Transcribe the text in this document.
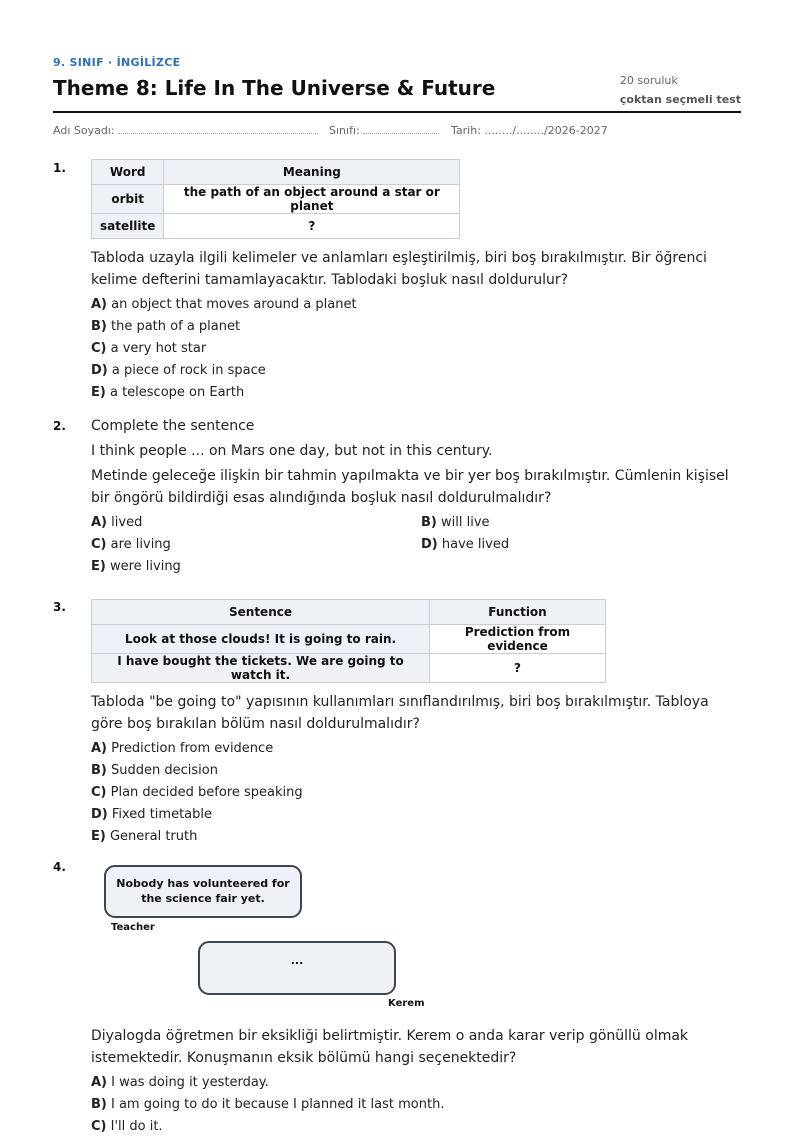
9. SINIF · İNGİLİZCE
Theme 8: Life In The Universe & Future	20 soruluk
çoktan seçmeli test
Adı Soyadı:	Sınıfı:	Tarih: ......../......../2026-2027
1.	Word	Meaning
orbit	the path of an object around a star or planet
satellite	?
Tabloda uzayla ilgili kelimeler ve anlamları eşleştirilmiş, biri boş bırakılmıştır. Bir öğrenci kelime defterini tamamlayacaktır. Tablodaki boşluk nasıl doldurulur?
A) an object that moves around a planet
B) the path of a planet
C) a very hot star
D) a piece of rock in space
E) a telescope on Earth
2. Complete the sentence
I think people ... on Mars one day, but not in this century.
Metinde geleceğe ilişkin bir tahmin yapılmakta ve bir yer boş bırakılmıştır. Cümlenin kişisel bir öngörü bildirdiği esas alındığında boşluk nasıl doldurulmalıdır?
A) lived	B) will live
C) are living	D) have lived
E) were living
3.	Sentence	Function
Look at those clouds! It is going to rain.	Prediction from evidence
I have bought the tickets. We are going to watch it.	?
Tabloda "be going to" yapısının kullanımları sınıflandırılmış, biri boş bırakılmıştır. Tabloya göre boş bırakılan bölüm nasıl doldurulmalıdır?
A) Prediction from evidence
B) Sudden decision
C) Plan decided before speaking
D) Fixed timetable
E) General truth
4.
Nobody has volunteered for the science fair yet.
Teacher
...
Kerem
Diyalogda öğretmen bir eksikliği belirtmiştir. Kerem o anda karar verip gönüllü olmak istemektedir. Konuşmanın eksik bölümü hangi seçenektedir?
A) I was doing it yesterday.
B) I am going to do it because I planned it last month.
C) I'll do it.
